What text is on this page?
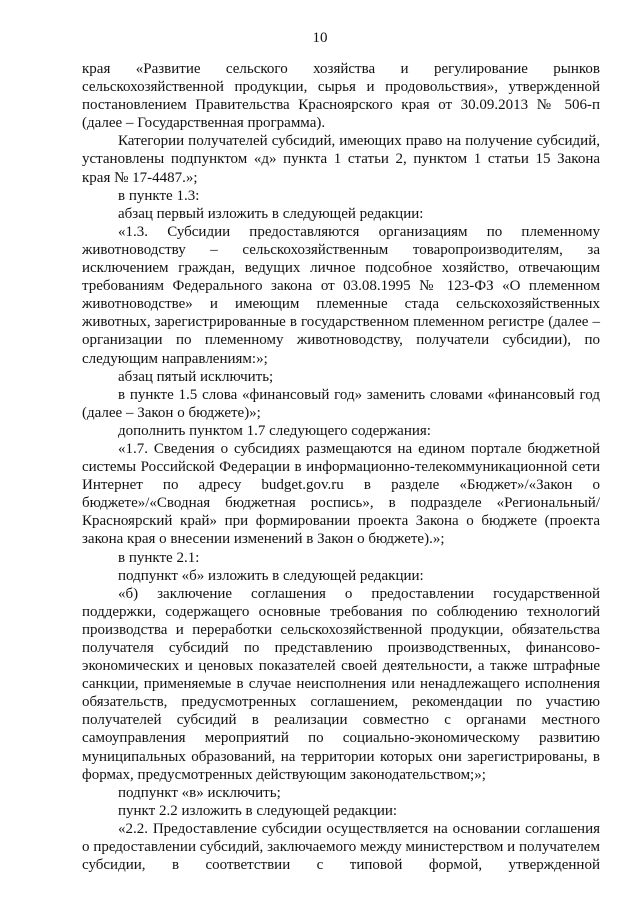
10

края «Развитие сельского хозяйства и регулирование рынков сельскохозяйственной продукции, сырья и продовольствия», утвержденной постановлением Правительства Красноярского края от 30.09.2013 № 506-п (далее – Государственная программа).

Категории получателей субсидий, имеющих право на получение субсидий, установлены подпунктом «д» пункта 1 статьи 2, пунктом 1 статьи 15 Закона края № 17-4487.»;

в пункте 1.3:

абзац первый изложить в следующей редакции:

«1.3. Субсидии предоставляются организациям по племенному животноводству – сельскохозяйственным товаропроизводителям, за исключением граждан, ведущих личное подсобное хозяйство, отвечающим требованиям Федерального закона от 03.08.1995 № 123-ФЗ «О племенном животноводстве» и имеющим племенные стада сельскохозяйственных животных, зарегистрированные в государственном племенном регистре (далее – организации по племенному животноводству, получатели субсидии), по следующим направлениям:»;

абзац пятый исключить;

в пункте 1.5 слова «финансовый год» заменить словами «финансовый год (далее – Закон о бюджете)»;

дополнить пунктом 1.7 следующего содержания:

«1.7. Сведения о субсидиях размещаются на едином портале бюджетной системы Российской Федерации в информационно-телекоммуникационной сети Интернет по адресу budget.gov.ru в разделе «Бюджет»/«Закон о бюджете»/«Сводная бюджетная роспись», в подразделе «Региональный/ Красноярский край» при формировании проекта Закона о бюджете (проекта закона края о внесении изменений в Закон о бюджете).»;

в пункте 2.1:

подпункт «б» изложить в следующей редакции:

«б) заключение соглашения о предоставлении государственной поддержки, содержащего основные требования по соблюдению технологий производства и переработки сельскохозяйственной продукции, обязательства получателя субсидий по представлению производственных, финансово-экономических и ценовых показателей своей деятельности, а также штрафные санкции, применяемые в случае неисполнения или ненадлежащего исполнения обязательств, предусмотренных соглашением, рекомендации по участию получателей субсидий в реализации совместно с органами местного самоуправления мероприятий по социально-экономическому развитию муниципальных образований, на территории которых они зарегистрированы, в формах, предусмотренных действующим законодательством;»;

подпункт «в» исключить;

пункт 2.2 изложить в следующей редакции:

«2.2. Предоставление субсидии осуществляется на основании соглашения о предоставлении субсидий, заключаемого между министерством и получателем субсидии, в соответствии с типовой формой, утвержденной
